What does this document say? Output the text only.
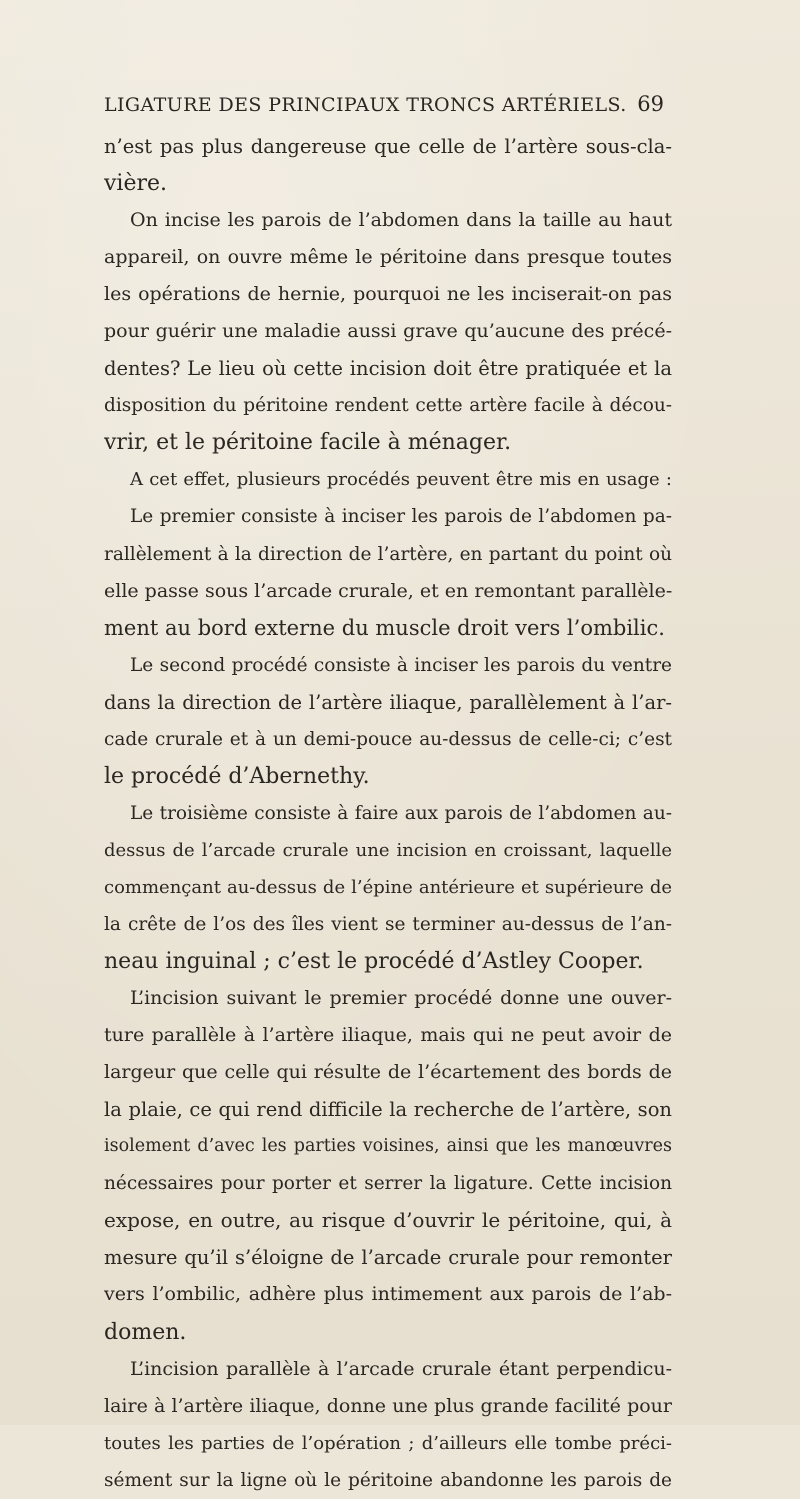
LIGATURE DES PRINCIPAUX TRONCS ARTÉRIELS. 69
n’est pas plus dangereuse que celle de l’artère sous-cla-
vière.
On incise les parois de l’abdomen dans la taille au haut
appareil, on ouvre même le péritoine dans presque toutes
les opérations de hernie, pourquoi ne les inciserait-on pas
pour guérir une maladie aussi grave qu’aucune des précé-
dentes? Le lieu où cette incision doit être pratiquée et la
disposition du péritoine rendent cette artère facile à décou-
vrir, et le péritoine facile à ménager.
A cet effet, plusieurs procédés peuvent être mis en usage :
Le premier consiste à inciser les parois de l’abdomen pa-
rallèlement à la direction de l’artère, en partant du point où
elle passe sous l’arcade crurale, et en remontant parallèle-
ment au bord externe du muscle droit vers l’ombilic.
Le second procédé consiste à inciser les parois du ventre
dans la direction de l’artère iliaque, parallèlement à l’ar-
cade crurale et à un demi-pouce au-dessus de celle-ci; c’est
le procédé d’Abernethy.
Le troisième consiste à faire aux parois de l’abdomen au-
dessus de l’arcade crurale une incision en croissant, laquelle
commençant au-dessus de l’épine antérieure et supérieure de
la crête de l’os des îles vient se terminer au-dessus de l’an-
neau inguinal ; c’est le procédé d’Astley Cooper.
L’incision suivant le premier procédé donne une ouver-
ture parallèle à l’artère iliaque, mais qui ne peut avoir de
largeur que celle qui résulte de l’écartement des bords de
la plaie, ce qui rend difficile la recherche de l’artère, son
isolement d’avec les parties voisines, ainsi que les manœuvres
nécessaires pour porter et serrer la ligature. Cette incision
expose, en outre, au risque d’ouvrir le péritoine, qui, à
mesure qu’il s’éloigne de l’arcade crurale pour remonter
vers l’ombilic, adhère plus intimement aux parois de l’ab-
domen.
L’incision parallèle à l’arcade crurale étant perpendicu-
laire à l’artère iliaque, donne une plus grande facilité pour
toutes les parties de l’opération ; d’ailleurs elle tombe préci-
sément sur la ligne où le péritoine abandonne les parois de
